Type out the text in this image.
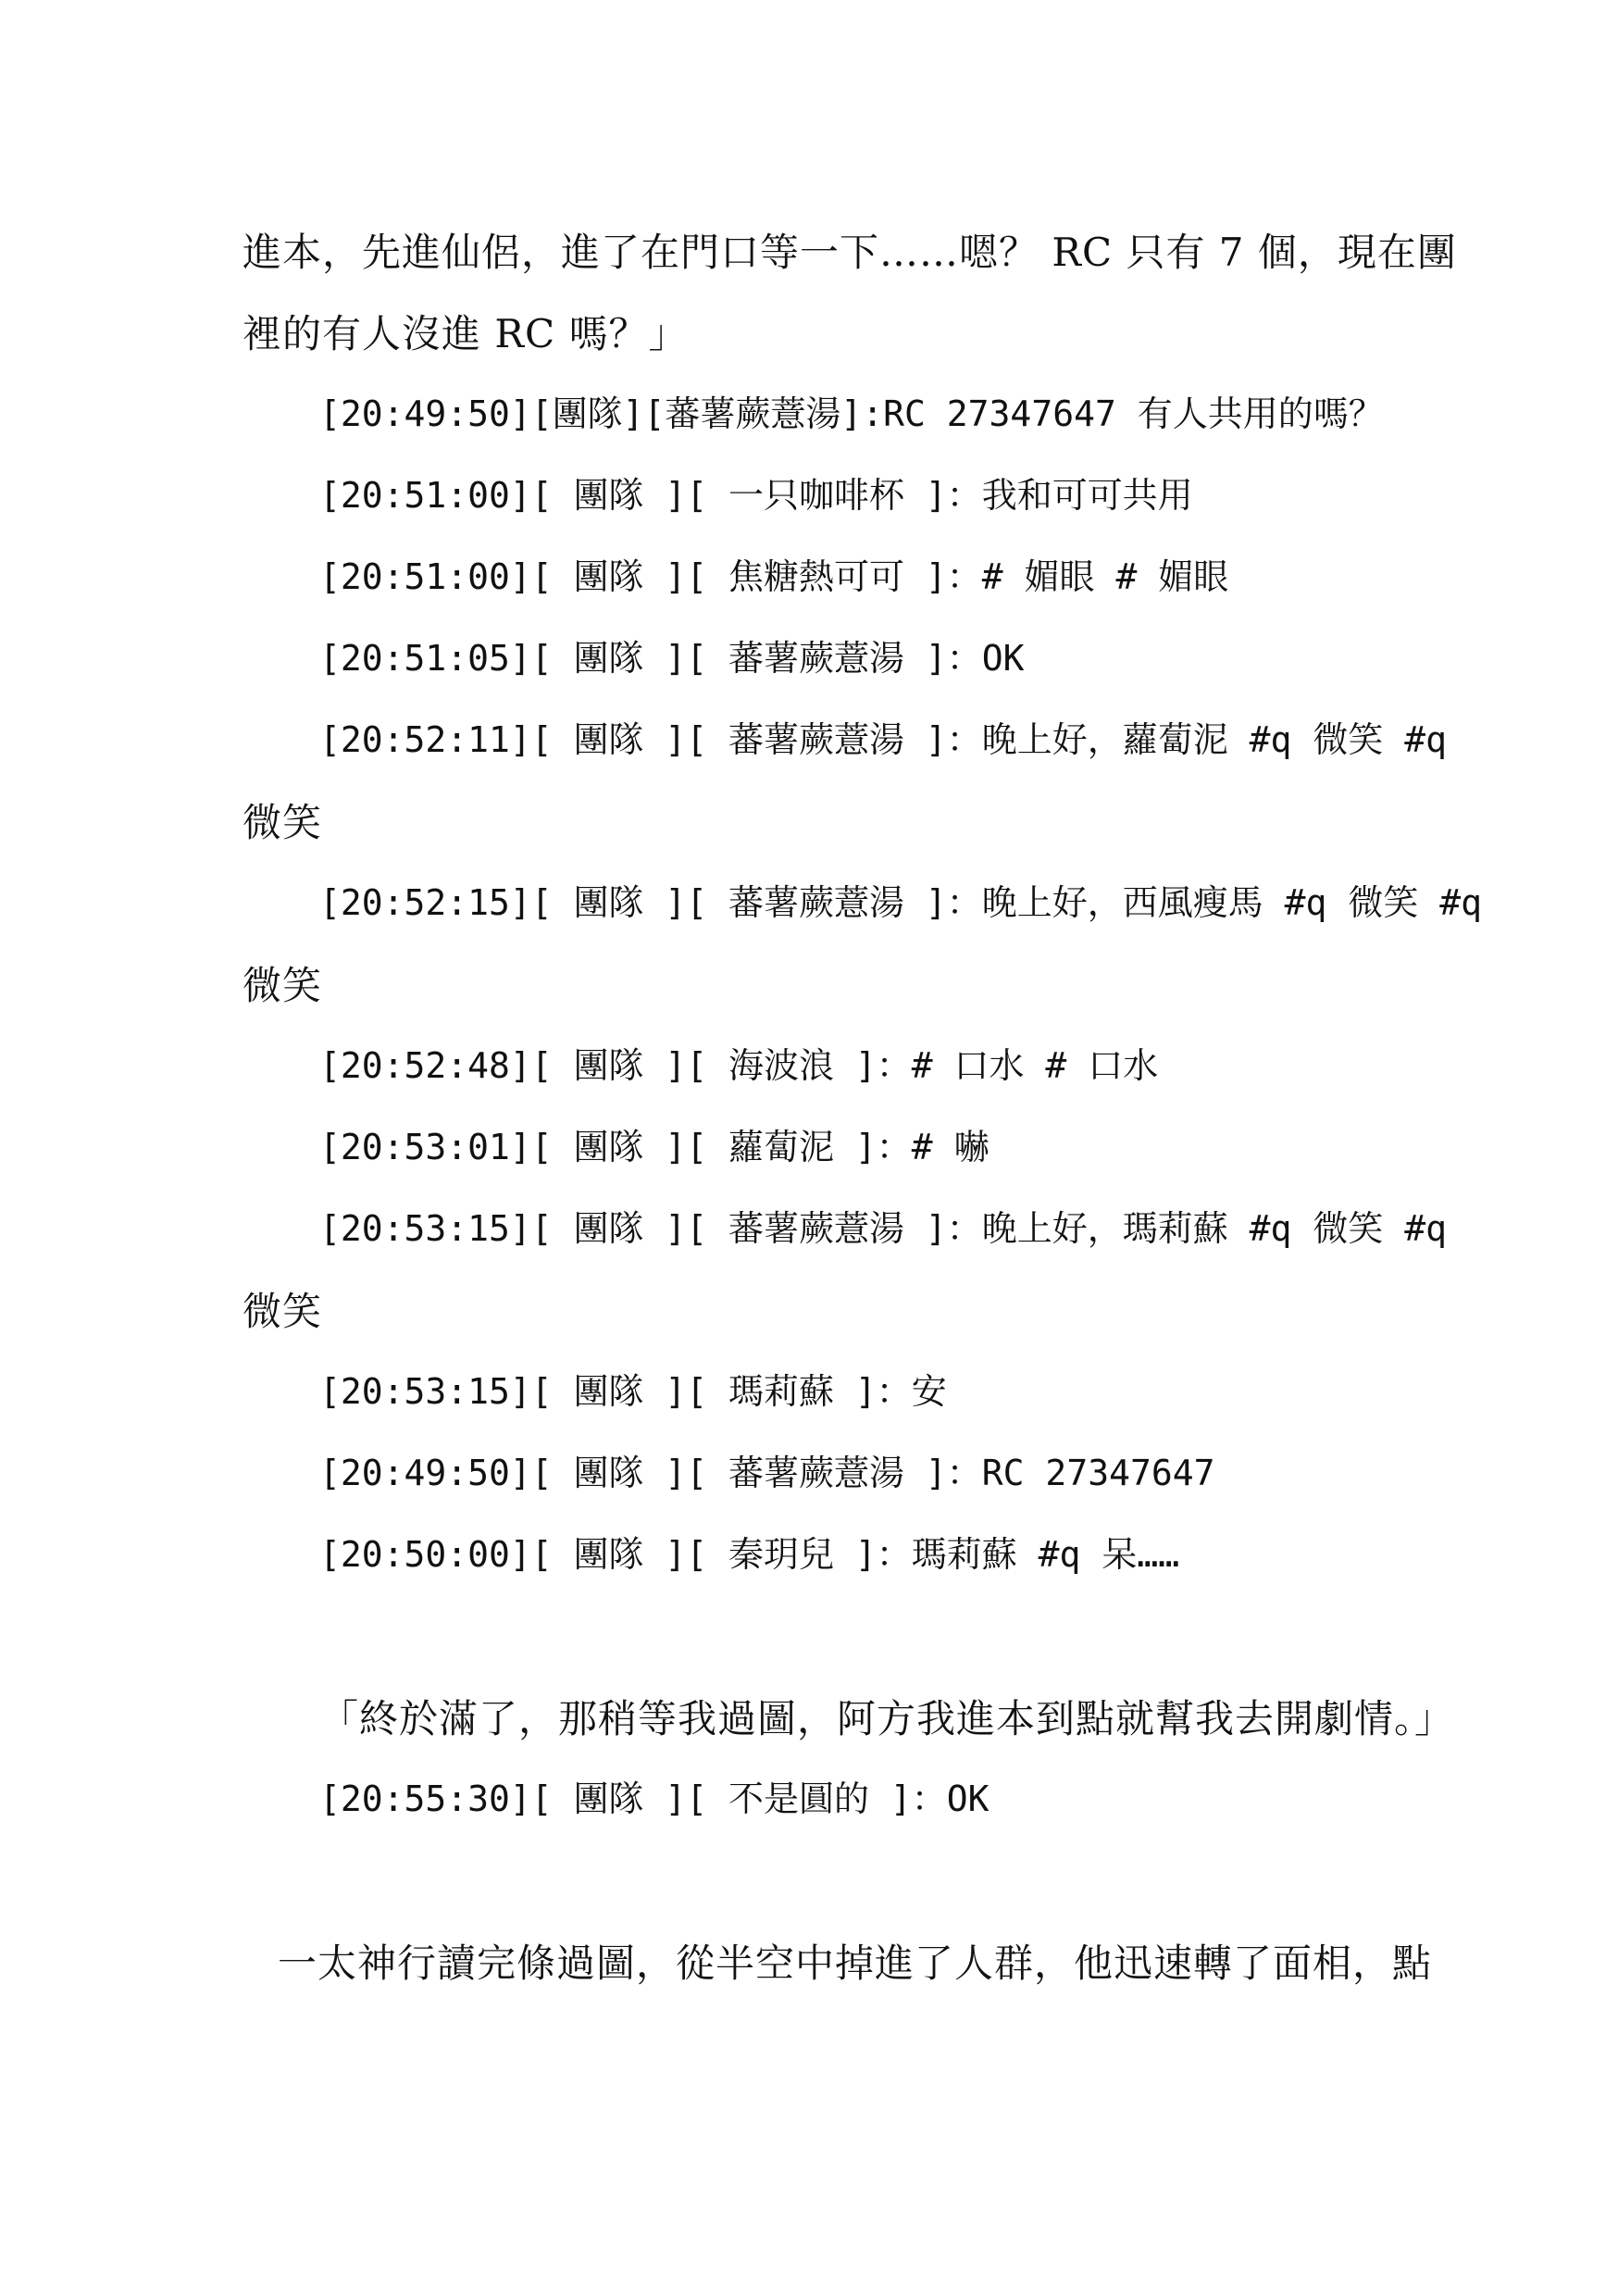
進本，先進仙侶，進了在門口等一下……嗯？ RC 只有 7 個，現在團
裡的有人沒進 RC 嗎？」
[20:49:50][團隊][蕃薯蕨薏湯]:RC 27347647 有人共用的嗎？
[20:51:00][ 團隊 ][ 一只咖啡杯 ]：我和可可共用
[20:51:00][ 團隊 ][ 焦糖熱可可 ]：# 媚眼 # 媚眼
[20:51:05][ 團隊 ][ 蕃薯蕨薏湯 ]：OK
[20:52:11][ 團隊 ][ 蕃薯蕨薏湯 ]：晚上好，蘿蔔泥 #q 微笑 #q
微笑
[20:52:15][ 團隊 ][ 蕃薯蕨薏湯 ]：晚上好，西風瘦馬 #q 微笑 #q
微笑
[20:52:48][ 團隊 ][ 海波浪 ]：# 口水 # 口水
[20:53:01][ 團隊 ][ 蘿蔔泥 ]：# 嚇
[20:53:15][ 團隊 ][ 蕃薯蕨薏湯 ]：晚上好，瑪莉蘇 #q 微笑 #q
微笑
[20:53:15][ 團隊 ][ 瑪莉蘇 ]：安
[20:49:50][ 團隊 ][ 蕃薯蕨薏湯 ]：RC 27347647
[20:50:00][ 團隊 ][ 秦玥兒 ]：瑪莉蘇 #q 呆……
「終於滿了，那稍等我過圖，阿方我進本到點就幫我去開劇情。」
[20:55:30][ 團隊 ][ 不是圓的 ]：OK
一太神行讀完條過圖，從半空中掉進了人群，他迅速轉了面相，點
